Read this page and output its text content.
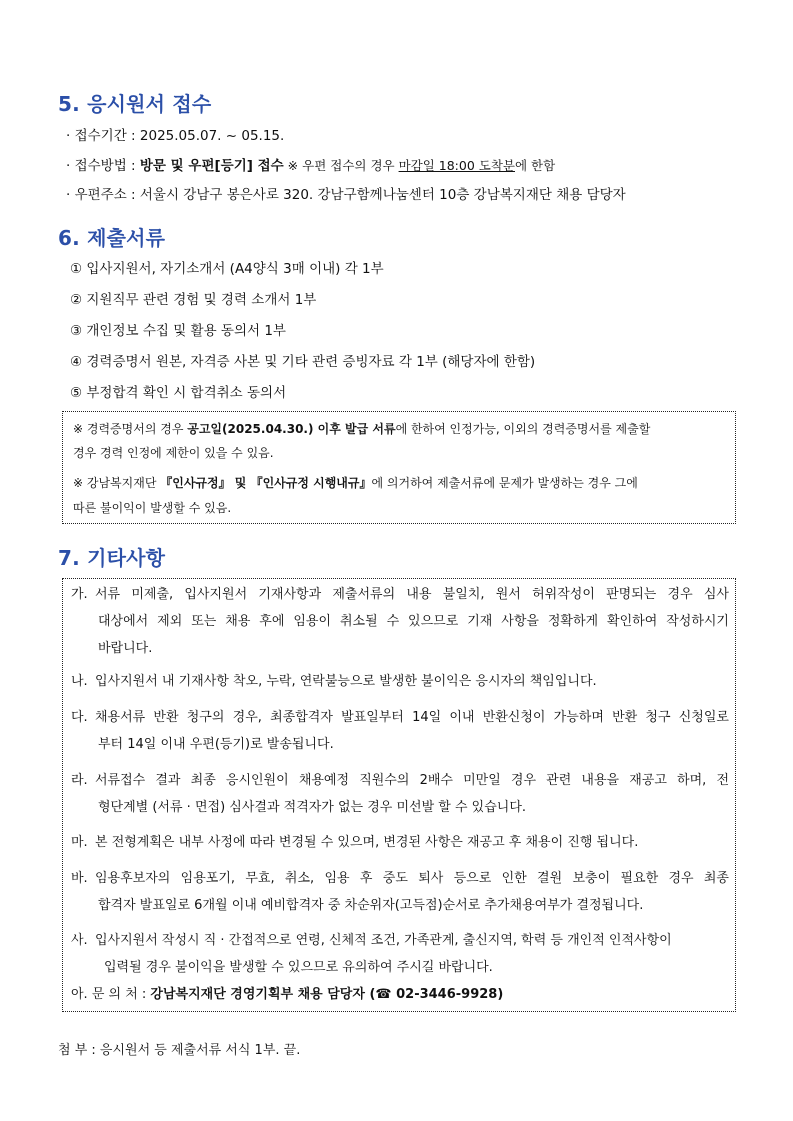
5. 응시원서 접수
· 접수기간 : 2025.05.07. ~ 05.15.
· 접수방법 : 방문 및 우편[등기] 접수 ※ 우편 접수의 경우 마감일 18:00 도착분에 한함
· 우편주소 : 서울시 강남구 봉은사로 320. 강남구함께나눔센터 10층 강남복지재단 채용 담당자
6. 제출서류
① 입사지원서, 자기소개서 (A4양식 3매 이내) 각 1부
② 지원직무 관련 경험 및 경력 소개서 1부
③ 개인정보 수집 및 활용 동의서 1부
④ 경력증명서 원본, 자격증 사본 및 기타 관련 증빙자료 각 1부 (해당자에 한함)
⑤ 부정합격 확인 시 합격취소 동의서
※ 경력증명서의 경우 공고일(2025.04.30.) 이후 발급 서류에 한하여 인정가능, 이외의 경력증명서를 제출할
경우 경력 인정에 제한이 있을 수 있음.
※ 강남복지재단 『인사규정』 및 『인사규정 시행내규』에 의거하여 제출서류에 문제가 발생하는 경우 그에
따른 불이익이 발생할 수 있음.
7. 기타사항
가. 서류 미제출, 입사지원서 기재사항과 제출서류의 내용 불일치, 원서 허위작성이 판명되는 경우 심사
대상에서 제외 또는 채용 후에 임용이 취소될 수 있으므로 기재 사항을 정확하게 확인하여 작성하시기
바랍니다.
나. 입사지원서 내 기재사항 착오, 누락, 연락불능으로 발생한 불이익은 응시자의 책임입니다.
다. 채용서류 반환 청구의 경우, 최종합격자 발표일부터 14일 이내 반환신청이 가능하며 반환 청구 신청일로
부터 14일 이내 우편(등기)로 발송됩니다.
라. 서류접수 결과 최종 응시인원이 채용예정 직원수의 2배수 미만일 경우 관련 내용을 재공고 하며, 전
형단계별 (서류 · 면접) 심사결과 적격자가 없는 경우 미선발 할 수 있습니다.
마. 본 전형계획은 내부 사정에 따라 변경될 수 있으며, 변경된 사항은 재공고 후 채용이 진행 됩니다.
바. 임용후보자의 임용포기, 무효, 취소, 임용 후 중도 퇴사 등으로 인한 결원 보충이 필요한 경우 최종
합격자 발표일로 6개월 이내 예비합격자 중 차순위자(고득점)순서로 추가채용여부가 결정됩니다.
사. 입사지원서 작성시 직 · 간접적으로 연령, 신체적 조건, 가족관계, 출신지역, 학력 등 개인적 인적사항이
입력될 경우 불이익을 발생할 수 있으므로 유의하여 주시길 바랍니다.
아. 문 의 처 : 강남복지재단 경영기획부 채용 담당자 (☎ 02-3446-9928)
첨 부 : 응시원서 등 제출서류 서식 1부. 끝.
